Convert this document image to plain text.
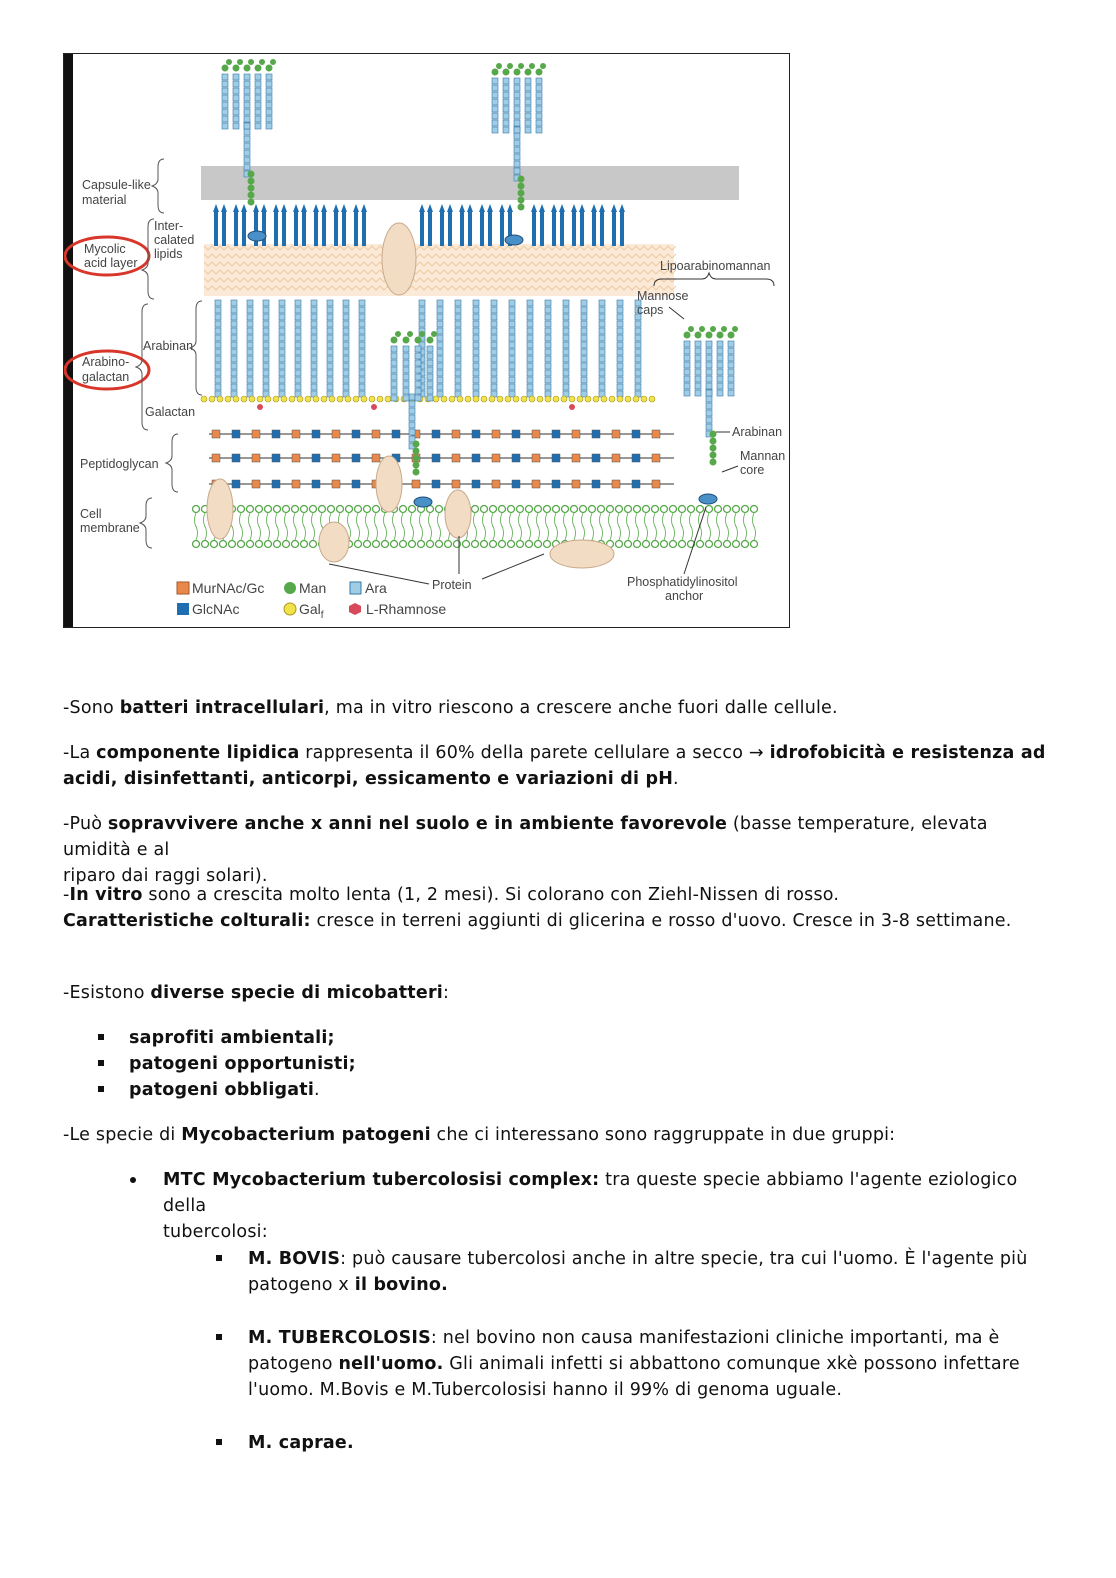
Capsule-like
material
Inter-
calated
lipids
Mycolic
acid layer
Arabinan
Arabino-
galactan
Galactan
Peptidoglycan
Cell
membrane
Lipoarabinomannan
Mannose
caps
Arabinan
Mannan
core
Protein	Phosphatidylinositol
anchor
MurNAc/Gc
GlcNAc
Man
Gal$_f$
Ara
L-Rhamnose

-Sono batteri intracellulari, ma in vitro riescono a crescere anche fuori dalle cellule.

-La componente lipidica rappresenta il 60% della parete cellulare a secco → idrofobicità e resistenza ad
acidi, disinfettanti, anticorpi, essicamento e variazioni di pH.

-Può sopravvivere anche x anni nel suolo e in ambiente favorevole (basse temperature, elevata umidità e al
riparo dai raggi solari).

-In vitro sono a crescita molto lenta (1, 2 mesi). Si colorano con Ziehl-Nissen di rosso.
Caratteristiche colturali: cresce in terreni aggiunti di glicerina e rosso d'uovo. Cresce in 3-8 settimane.

-Esistono diverse specie di micobatteri:

saprofiti ambientali;

patogeni opportunisti;

patogeni obbligati.

-Le specie di Mycobacterium patogeni che ci interessano sono raggruppate in due gruppi:

MTC Mycobacterium tubercolosisi complex: tra queste specie abbiamo l'agente eziologico della
tubercolosi:

M. BOVIS: può causare tubercolosi anche in altre specie, tra cui l'uomo. È l'agente più
patogeno x il bovino.

M. TUBERCOLOSIS: nel bovino non causa manifestazioni cliniche importanti, ma è
patogeno nell'uomo. Gli animali infetti si abbattono comunque xkè possono infettare
l'uomo. M.Bovis e M.Tubercolosisi hanno il 99% di genoma uguale.

M. caprae.
